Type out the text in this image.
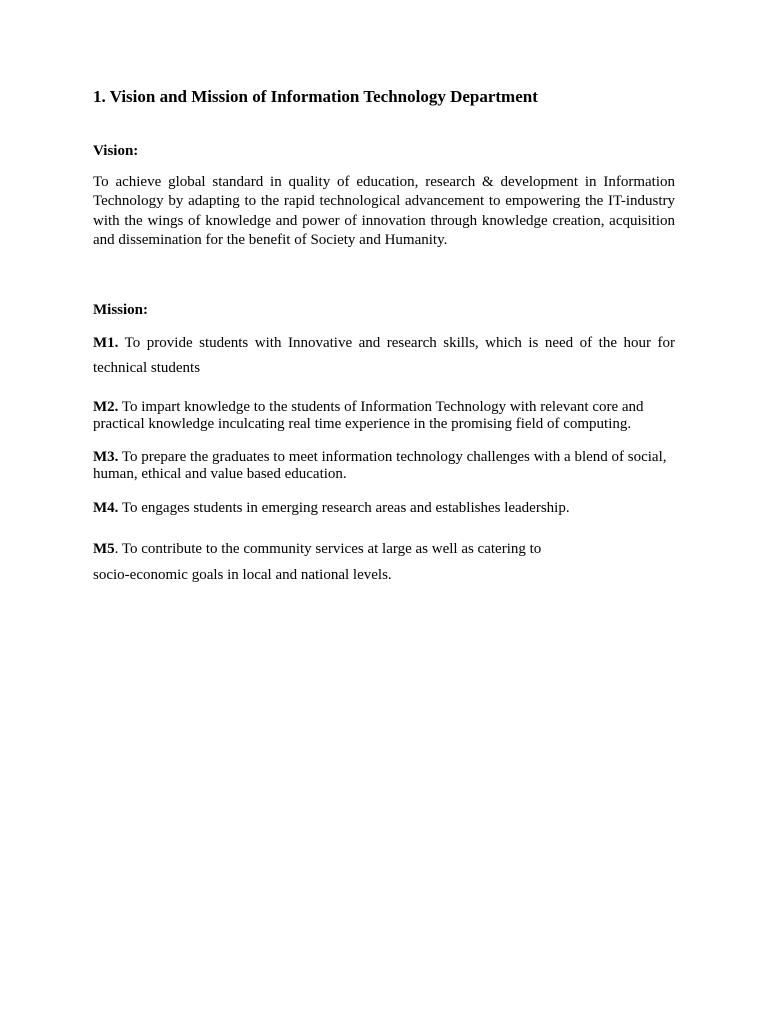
1. Vision and Mission of Information Technology Department

Vision:

To achieve global standard in quality of education, research & development in Information Technology by adapting to the rapid technological advancement to empowering the IT-industry with the wings of knowledge and power of innovation through knowledge creation, acquisition and dissemination for the benefit of Society and Humanity.

Mission:

M1. To provide students with Innovative and research skills, which is need of the hour for technical students

M2. To impart knowledge to the students of Information Technology with relevant core and practical knowledge inculcating real time experience in the promising field of computing.

M3. To prepare the graduates to meet information technology challenges with a blend of social, human, ethical and value based education.

M4. To engages students in emerging research areas and establishes leadership.

M5. To contribute to the community services at large as well as catering to
socio-economic goals in local and national levels.
